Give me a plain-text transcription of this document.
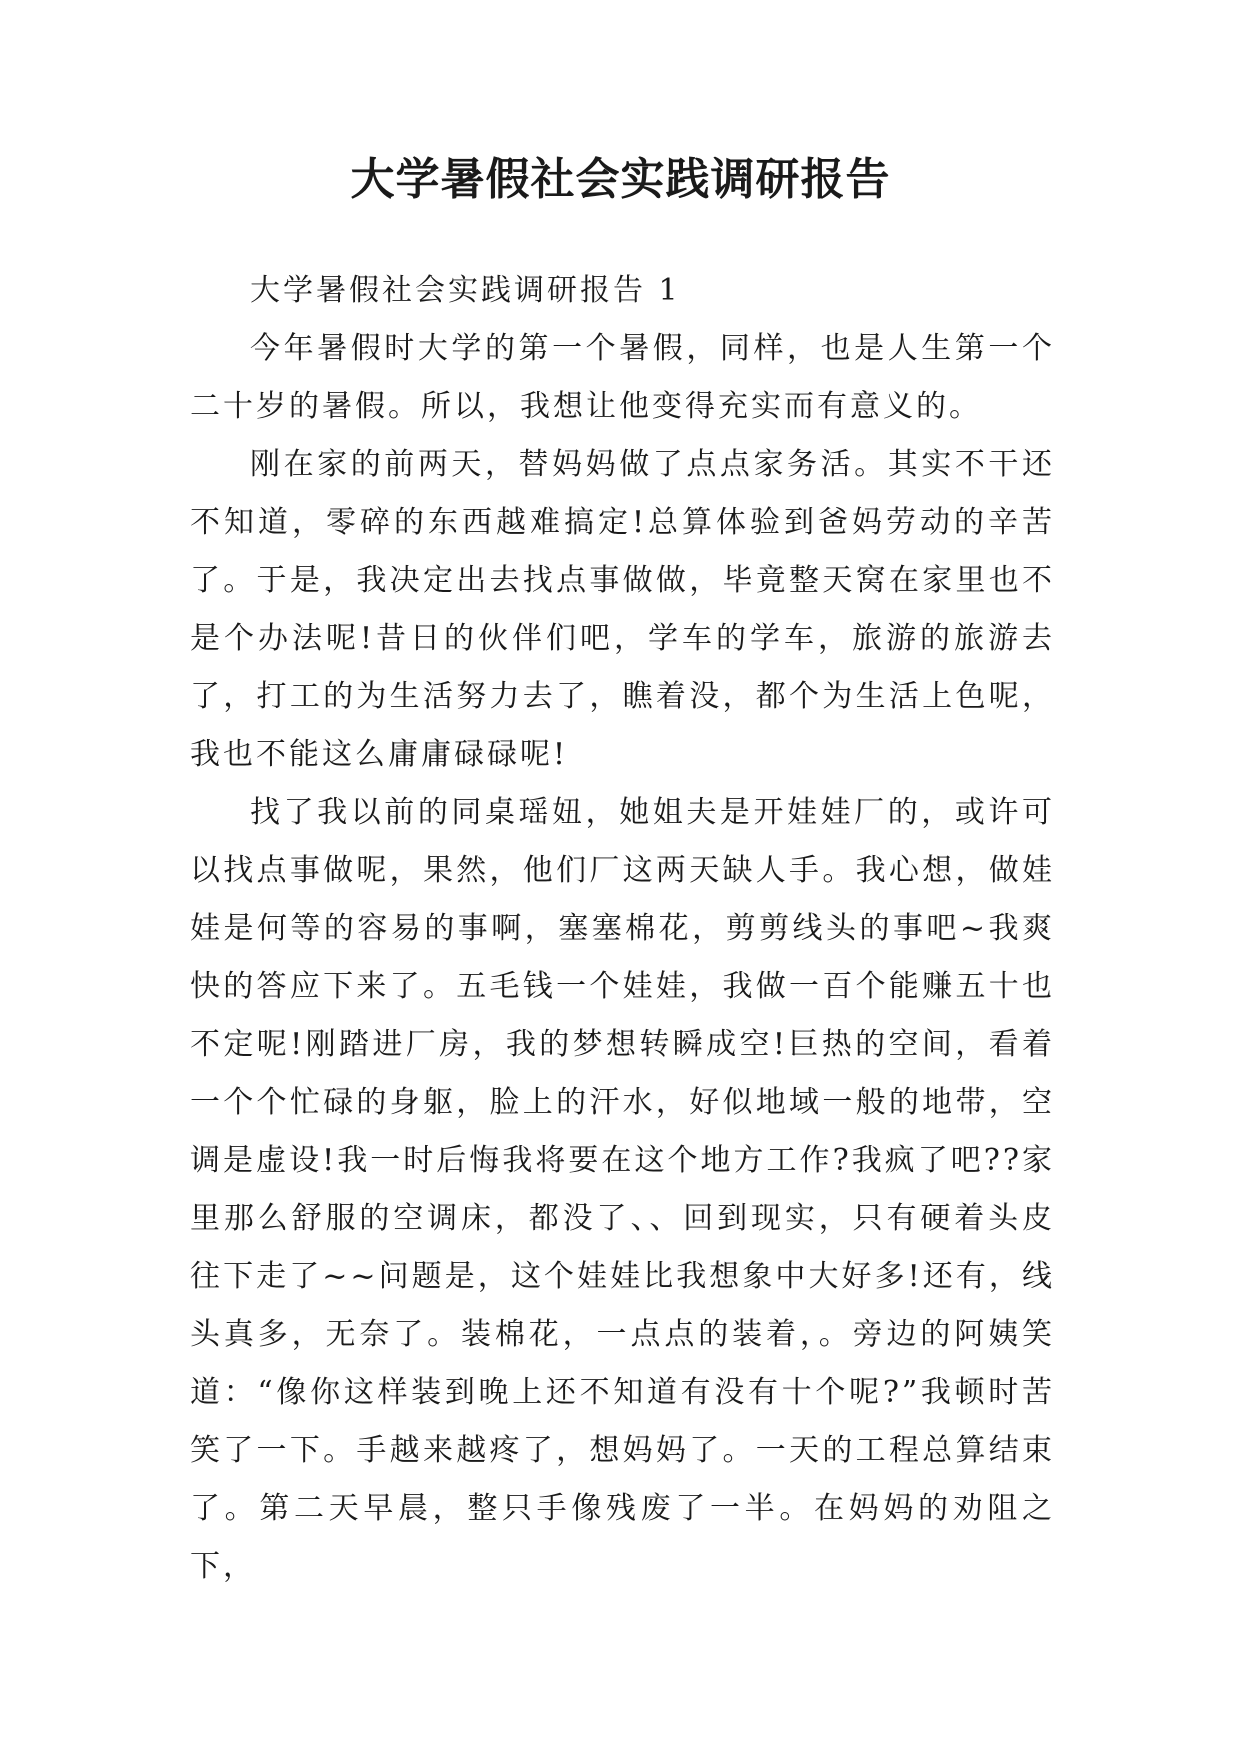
大学暑假社会实践调研报告

大学暑假社会实践调研报告 1

今年暑假时大学的第一个暑假，同样，也是人生第一个二十岁的暑假。所以，我想让他变得充实而有意义的。

刚在家的前两天，替妈妈做了点点家务活。其实不干还不知道，零碎的东西越难搞定!总算体验到爸妈劳动的辛苦了。于是，我决定出去找点事做做，毕竟整天窝在家里也不是个办法呢!昔日的伙伴们吧，学车的学车，旅游的旅游去了，打工的为生活努力去了，瞧着没，都个为生活上色呢，我也不能这么庸庸碌碌呢!

找了我以前的同桌瑶妞，她姐夫是开娃娃厂的，或许可以找点事做呢，果然，他们厂这两天缺人手。我心想，做娃娃是何等的容易的事啊，塞塞棉花，剪剪线头的事吧~我爽快的答应下来了。五毛钱一个娃娃，我做一百个能赚五十也不定呢!刚踏进厂房，我的梦想转瞬成空!巨热的空间，看着一个个忙碌的身躯，脸上的汗水，好似地域一般的地带，空调是虚设!我一时后悔我将要在这个地方工作?我疯了吧??家里那么舒服的空调床，都没了、、回到现实，只有硬着头皮往下走了~~问题是，这个娃娃比我想象中大好多!还有，线头真多，无奈了。装棉花，一点点的装着，。旁边的阿姨笑道：“像你这样装到晚上还不知道有没有十个呢?”我顿时苦笑了一下。手越来越疼了，想妈妈了。一天的工程总算结束了。第二天早晨，整只手像残废了一半。在妈妈的劝阻之下，
